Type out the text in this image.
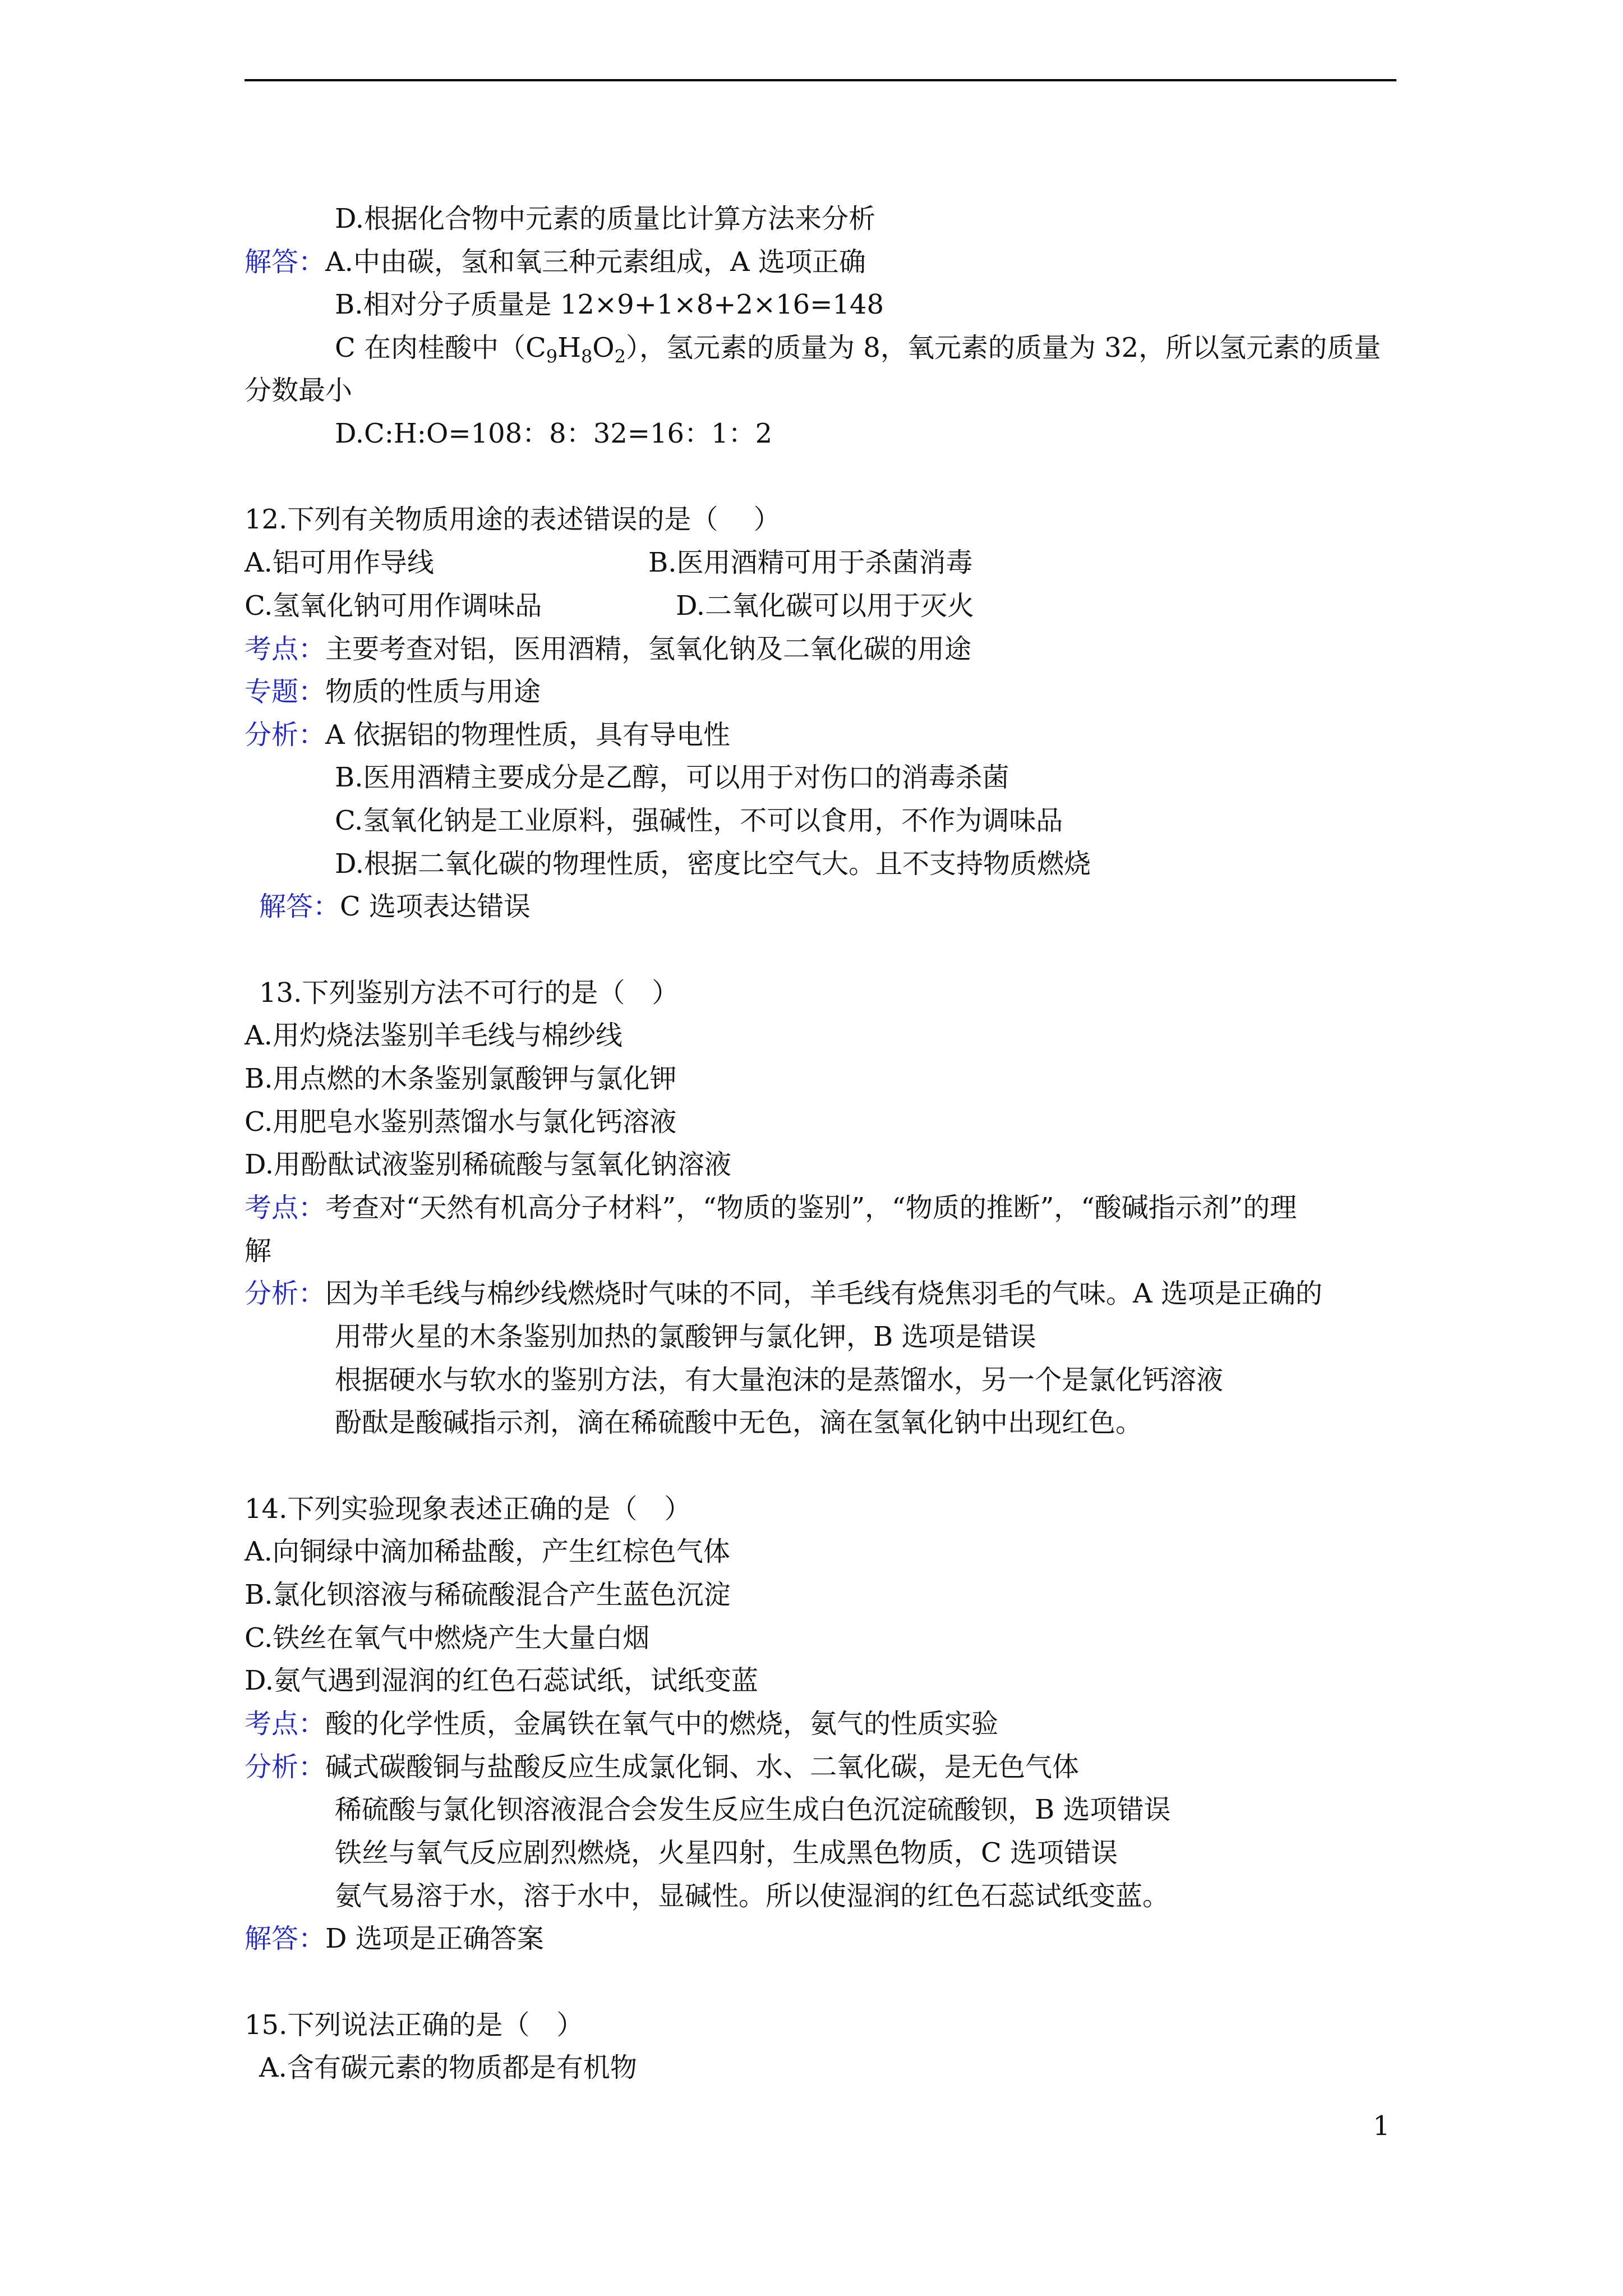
D.根据化合物中元素的质量比计算方法来分析
解答：A.中由碳，氢和氧三种元素组成，A 选项正确
B.相对分子质量是 12×9+1×8+2×16=148
C 在肉桂酸中$(C_9H_8O_2)$，氢元素的质量为 8，氧元素的质量为 32，所以氢元素的质量
分数最小
D.C:H:O=108：8：32=16：1：2
12.下列有关物质用途的表述错误的是（　 ）
A.铝可用作导线	B.医用酒精可用于杀菌消毒
C.氢氧化钠可用作调味品	D.二氧化碳可以用于灭火
考点：主要考查对铝，医用酒精，氢氧化钠及二氧化碳的用途
专题：物质的性质与用途
分析：A 依据铝的物理性质，具有导电性
B.医用酒精主要成分是乙醇，可以用于对伤口的消毒杀菌
C.氢氧化钠是工业原料，强碱性，不可以食用，不作为调味品
D.根据二氧化碳的物理性质，密度比空气大。且不支持物质燃烧
解答：C 选项表达错误
13.下列鉴别方法不可行的是（　）
A.用灼烧法鉴别羊毛线与棉纱线
B.用点燃的木条鉴别氯酸钾与氯化钾
C.用肥皂水鉴别蒸馏水与氯化钙溶液
D.用酚酞试液鉴别稀硫酸与氢氧化钠溶液
考点：考查对“天然有机高分子材料”，“物质的鉴别”，“物质的推断”，“酸碱指示剂”的理
解
分析：因为羊毛线与棉纱线燃烧时气味的不同，羊毛线有烧焦羽毛的气味。A 选项是正确的
用带火星的木条鉴别加热的氯酸钾与氯化钾，B 选项是错误
根据硬水与软水的鉴别方法，有大量泡沫的是蒸馏水，另一个是氯化钙溶液
酚酞是酸碱指示剂，滴在稀硫酸中无色，滴在氢氧化钠中出现红色。
14.下列实验现象表述正确的是（　）
A.向铜绿中滴加稀盐酸，产生红棕色气体
B.氯化钡溶液与稀硫酸混合产生蓝色沉淀
C.铁丝在氧气中燃烧产生大量白烟
D.氨气遇到湿润的红色石蕊试纸，试纸变蓝
考点：酸的化学性质，金属铁在氧气中的燃烧，氨气的性质实验
分析：碱式碳酸铜与盐酸反应生成氯化铜、水、二氧化碳，是无色气体
稀硫酸与氯化钡溶液混合会发生反应生成白色沉淀硫酸钡，B 选项错误
铁丝与氧气反应剧烈燃烧，火星四射，生成黑色物质，C 选项错误
氨气易溶于水，溶于水中，显碱性。所以使湿润的红色石蕊试纸变蓝。
解答：D 选项是正确答案
15.下列说法正确的是（　）
A.含有碳元素的物质都是有机物
1
